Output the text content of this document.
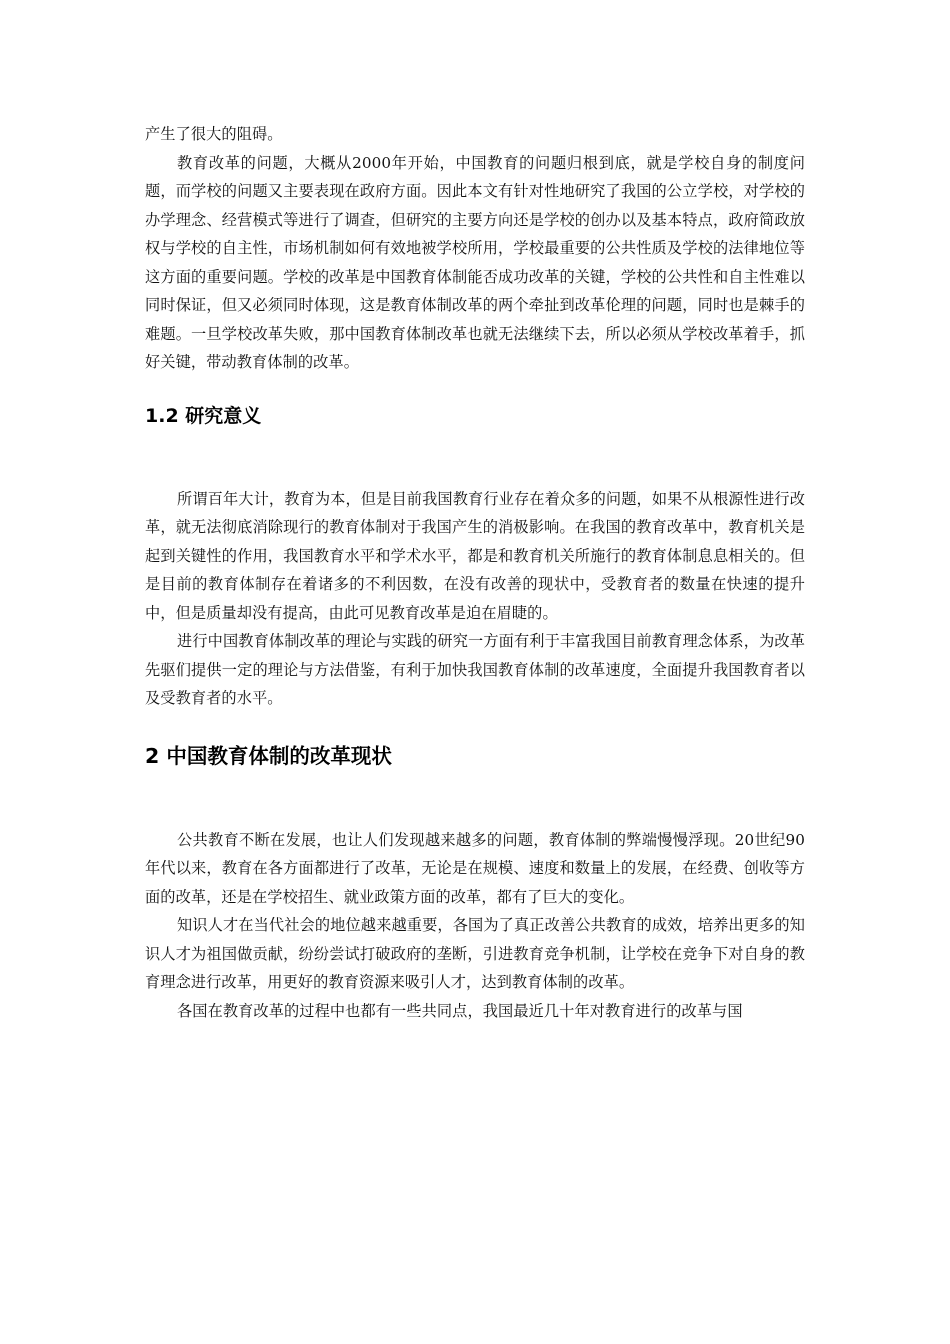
产生了很大的阻碍。

教育改革的问题，大概从2000年开始，中国教育的问题归根到底，就是学校自身的制度问题，而学校的问题又主要表现在政府方面。因此本文有针对性地研究了我国的公立学校，对学校的办学理念、经营模式等进行了调查，但研究的主要方向还是学校的创办以及基本特点，政府简政放权与学校的自主性，市场机制如何有效地被学校所用，学校最重要的公共性质及学校的法律地位等这方面的重要问题。学校的改革是中国教育体制能否成功改革的关键，学校的公共性和自主性难以同时保证，但又必须同时体现，这是教育体制改革的两个牵扯到改革伦理的问题，同时也是棘手的难题。一旦学校改革失败，那中国教育体制改革也就无法继续下去，所以必须从学校改革着手，抓好关键，带动教育体制的改革。

1.2 研究意义

所谓百年大计，教育为本，但是目前我国教育行业存在着众多的问题，如果不从根源性进行改革，就无法彻底消除现行的教育体制对于我国产生的消极影响。在我国的教育改革中，教育机关是起到关键性的作用，我国教育水平和学术水平，都是和教育机关所施行的教育体制息息相关的。但是目前的教育体制存在着诸多的不利因数，在没有改善的现状中，受教育者的数量在快速的提升中，但是质量却没有提高，由此可见教育改革是迫在眉睫的。

进行中国教育体制改革的理论与实践的研究一方面有利于丰富我国目前教育理念体系，为改革先驱们提供一定的理论与方法借鉴，有利于加快我国教育体制的改革速度，全面提升我国教育者以及受教育者的水平。

2 中国教育体制的改革现状

公共教育不断在发展，也让人们发现越来越多的问题，教育体制的弊端慢慢浮现。20世纪90年代以来，教育在各方面都进行了改革，无论是在规模、速度和数量上的发展，在经费、创收等方面的改革，还是在学校招生、就业政策方面的改革，都有了巨大的变化。

知识人才在当代社会的地位越来越重要，各国为了真正改善公共教育的成效，培养出更多的知识人才为祖国做贡献，纷纷尝试打破政府的垄断，引进教育竞争机制，让学校在竞争下对自身的教育理念进行改革，用更好的教育资源来吸引人才，达到教育体制的改革。

各国在教育改革的过程中也都有一些共同点，我国最近几十年对教育进行的改革与国
